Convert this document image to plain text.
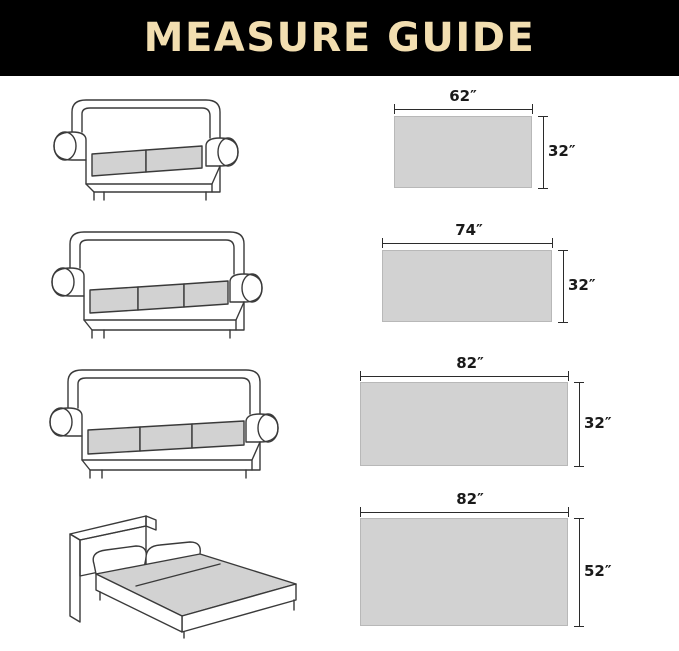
MEASURE GUIDE
62″
32″
74″
32″
82″
32″
82″
52″
